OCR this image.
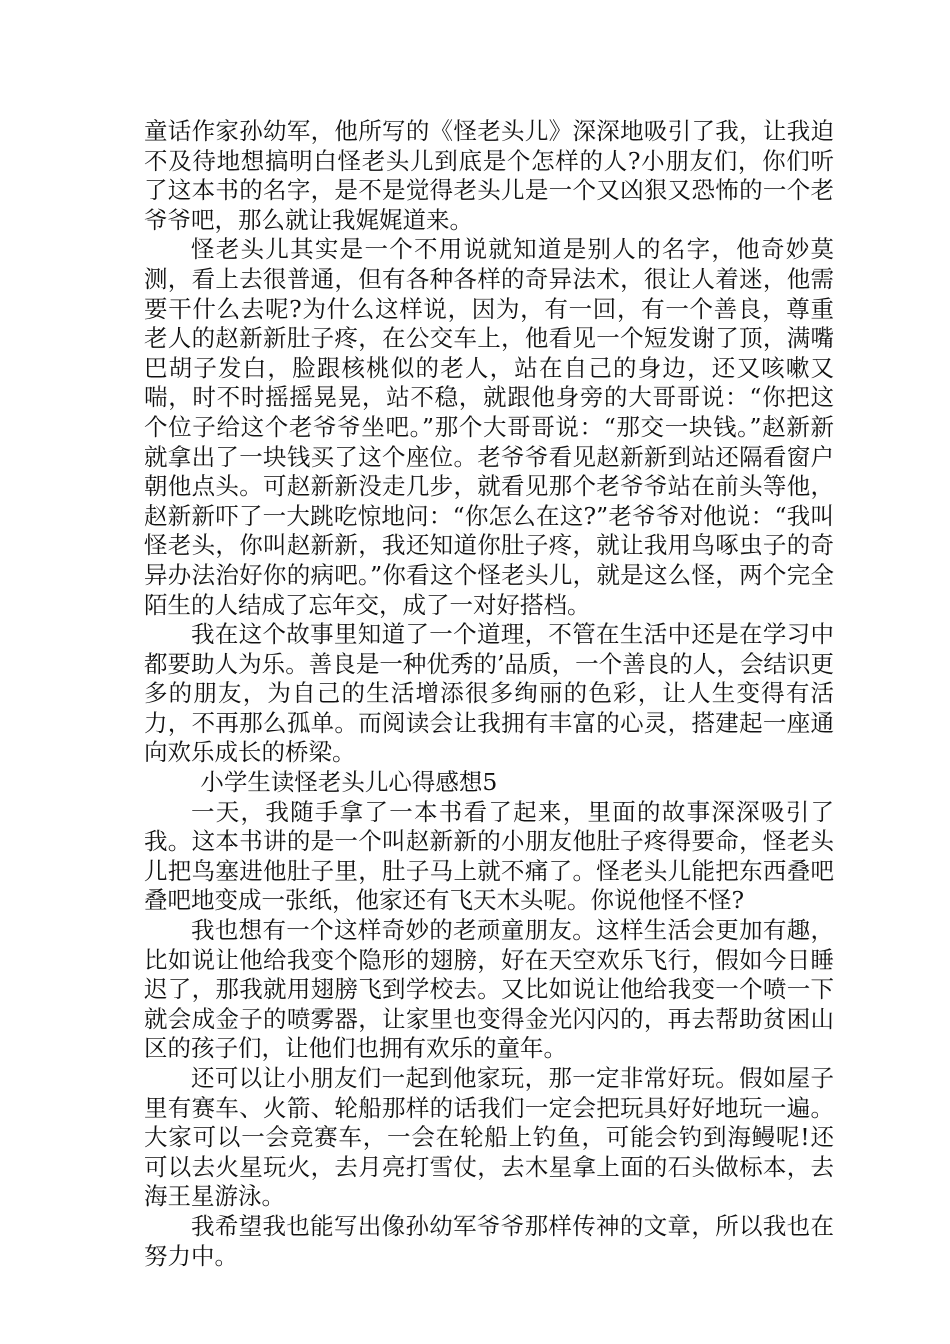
童话作家孙幼军，他所写的《怪老头儿》深深地吸引了我，让我迫不及待地想搞明白怪老头儿到底是个怎样的人?小朋友们，你们听了这本书的名字，是不是觉得老头儿是一个又凶狠又恐怖的一个老爷爷吧，那么就让我娓娓道来。

怪老头儿其实是一个不用说就知道是别人的名字，他奇妙莫测，看上去很普通，但有各种各样的奇异法术，很让人着迷，他需要干什么去呢?为什么这样说，因为，有一回，有一个善良，尊重老人的赵新新肚子疼，在公交车上，他看见一个短发谢了顶，满嘴巴胡子发白，脸跟核桃似的老人，站在自己的身边，还又咳嗽又喘，时不时摇摇晃晃，站不稳，就跟他身旁的大哥哥说：“你把这个位子给这个老爷爷坐吧。”那个大哥哥说：“那交一块钱。”赵新新就拿出了一块钱买了这个座位。老爷爷看见赵新新到站还隔看窗户朝他点头。可赵新新没走几步，就看见那个老爷爷站在前头等他，赵新新吓了一大跳吃惊地问：“你怎么在这?”老爷爷对他说：“我叫怪老头，你叫赵新新，我还知道你肚子疼，就让我用鸟啄虫子的奇异办法治好你的病吧。”你看这个怪老头儿，就是这么怪，两个完全陌生的人结成了忘年交，成了一对好搭档。

我在这个故事里知道了一个道理，不管在生活中还是在学习中都要助人为乐。善良是一种优秀的’品质，一个善良的人，会结识更多的朋友，为自己的生活增添很多绚丽的色彩，让人生变得有活力，不再那么孤单。而阅读会让我拥有丰富的心灵，搭建起一座通向欢乐成长的桥梁。

小学生读怪老头儿心得感想5

一天，我随手拿了一本书看了起来，里面的故事深深吸引了我。这本书讲的是一个叫赵新新的小朋友他肚子疼得要命，怪老头儿把鸟塞进他肚子里，肚子马上就不痛了。怪老头儿能把东西叠吧叠吧地变成一张纸，他家还有飞天木头呢。你说他怪不怪?

我也想有一个这样奇妙的老顽童朋友。这样生活会更加有趣，比如说让他给我变个隐形的翅膀，好在天空欢乐飞行，假如今日睡迟了，那我就用翅膀飞到学校去。又比如说让他给我变一个喷一下就会成金子的喷雾器，让家里也变得金光闪闪的，再去帮助贫困山区的孩子们，让他们也拥有欢乐的童年。

还可以让小朋友们一起到他家玩，那一定非常好玩。假如屋子里有赛车、火箭、轮船那样的话我们一定会把玩具好好地玩一遍。大家可以一会竞赛车，一会在轮船上钓鱼，可能会钓到海鳗呢!还可以去火星玩火，去月亮打雪仗，去木星拿上面的石头做标本，去海王星游泳。

我希望我也能写出像孙幼军爷爷那样传神的文章，所以我也在努力中。
